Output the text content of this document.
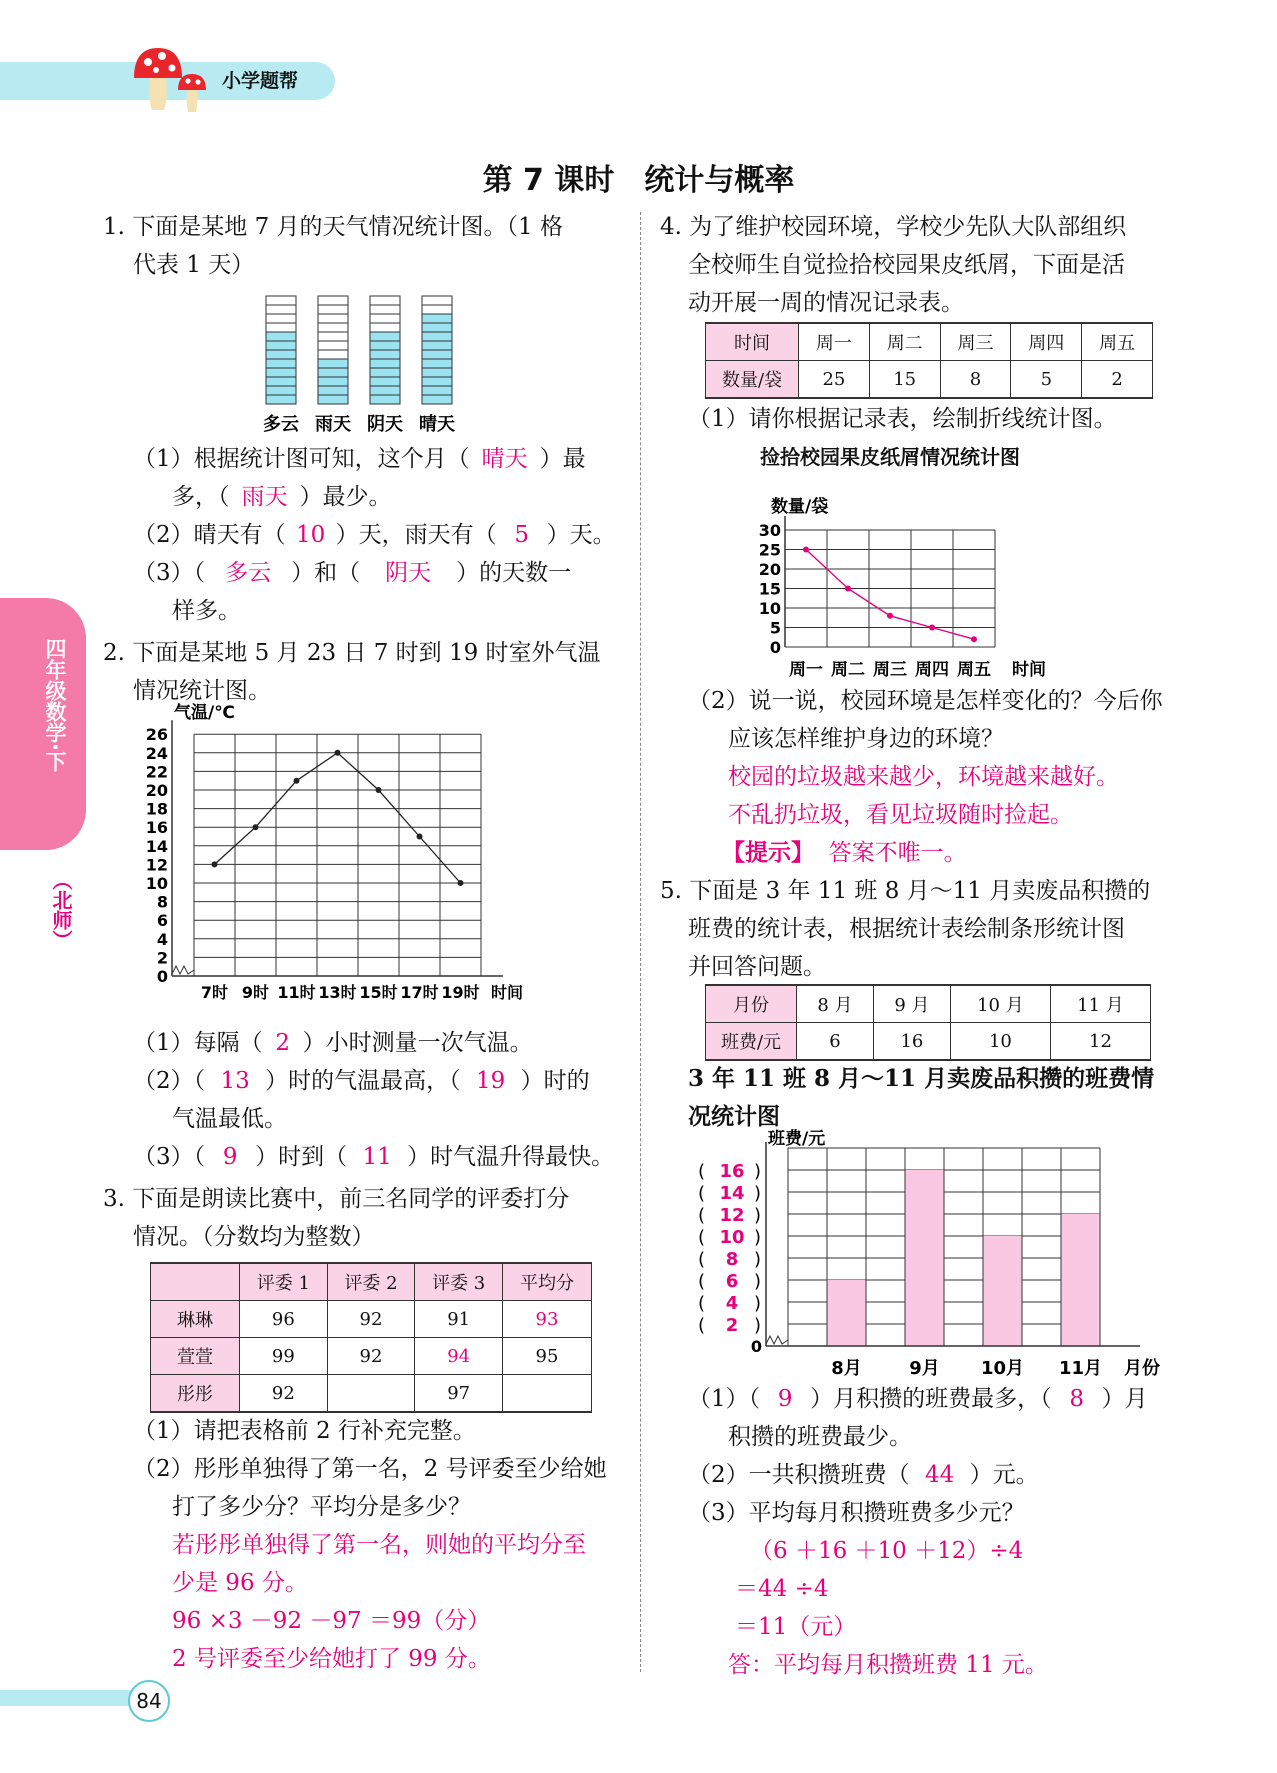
小学题帮
第 7 课时　统计与概率
四年级数学·下
（北师）
1. 下面是某地 7 月的天气情况统计图。（1 格
代表 1 天）
多云 雨天 阴天 晴天
（1）根据统计图可知，这个月（ 晴天 ）最
多，（ 雨天 ）最少。
（2）晴天有（ 10 ）天，雨天有（ 5 ）天。
（3）（ 多云 ）和（ 阴天 ）的天数一
样多。
2. 下面是某地 5 月 23 日 7 时到 19 时室外气温
情况统计图。
0
2
4
6
8
10
12
14
16
18
20
22
24
26
气温/℃
7时 9时 11时 13时 15时 17时 19时 时间
（1）每隔（ 2 ）小时测量一次气温。
（2）（ 13 ）时的气温最高，（ 19 ）时的
气温最低。
（3）（ 9 ）时到（ 11 ）时气温升得最快。
3. 下面是朗读比赛中，前三名同学的评委打分
情况。（分数均为整数）
	评委 1	评委 2	评委 3	平均分
琳琳	96	92	91	93
萱萱	99	92	94	95
彤彤	92		97	
（1）请把表格前 2 行补充完整。
（2）彤彤单独得了第一名，2 号评委至少给她
打了多少分？平均分是多少？
若彤彤单独得了第一名，则她的平均分至
少是 96 分。
96 ×3 －92 －97 ＝99（分）
2 号评委至少给她打了 99 分。
4. 为了维护校园环境，学校少先队大队部组织
全校师生自觉捡拾校园果皮纸屑，下面是活
动开展一周的情况记录表。
时间	周一	周二	周三	周四	周五
数量/袋	25	15	8	5	2
（1）请你根据记录表，绘制折线统计图。
捡拾校园果皮纸屑情况统计图
0
5
10
15
20
25
30
数量/袋
周一 周二 周三 周四 周五 时间
（2）说一说，校园环境是怎样变化的？今后你
应该怎样维护身边的环境？
校园的垃圾越来越少，环境越来越好。
不乱扔垃圾，看见垃圾随时捡起。
【提示】 答案不唯一。
5. 下面是 3 年 11 班 8 月～11 月卖废品积攒的
班费的统计表，根据统计表绘制条形统计图
并回答问题。
月份	8 月	9 月	10 月	11 月
班费/元	6	16	10	12
3 年 11 班 8 月～11 月卖废品积攒的班费情
况统计图
0
班费/元
(	)
2
(	)
4
(	)
6
(	)
8
(	)
10
(	)
12
(	)
14
(	)
16
8月	9月 10月 11月 月份
（1）（ 9 ）月积攒的班费最多，（ 8 ）月
积攒的班费最少。
（2）一共积攒班费（ 44 ）元。
（3）平均每月积攒班费多少元？
（6 ＋16 ＋10 ＋12）÷4
＝44 ÷4
＝11（元）
答：平均每月积攒班费 11 元。
84
